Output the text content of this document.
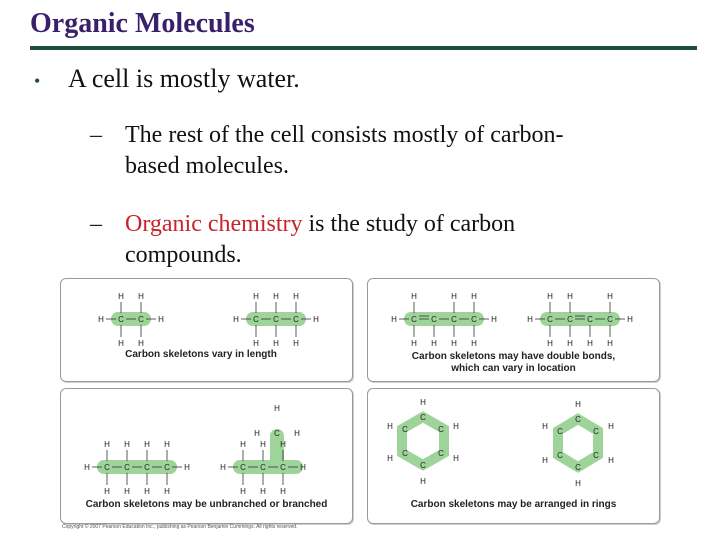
Organic Molecules
•	A cell is mostly water.
– The rest of the cell consists mostly of carbon-based molecules.
– Organic chemistry is the study of carbon compounds.
H C
H
H
C
H
H
H	H C
H
H
C
H
H
C
H
H
H
Carbon skeletons vary in length
H C
H
H
C
H
C
H
H
C
H
H
H	H C
H
H
C
H
H
C
H
C
H
H
H
Carbon skeletons may have double bonds,
which can vary in location
H C
H
H
C
H
H
C
H
H
C
H
H
H	H C
H
H
C
H
H
C
H
H
H
C
H
H	H
Carbon skeletons may be unbranched or branched
C
C
C
C
C
C
H
H
H
H
H
H
C
C
C
C
C
C
H
H
H
H
H
H
Carbon skeletons may be arranged in rings
Copyright © 2007 Pearson Education Inc., publishing as Pearson Benjamin Cummings. All rights reserved.
